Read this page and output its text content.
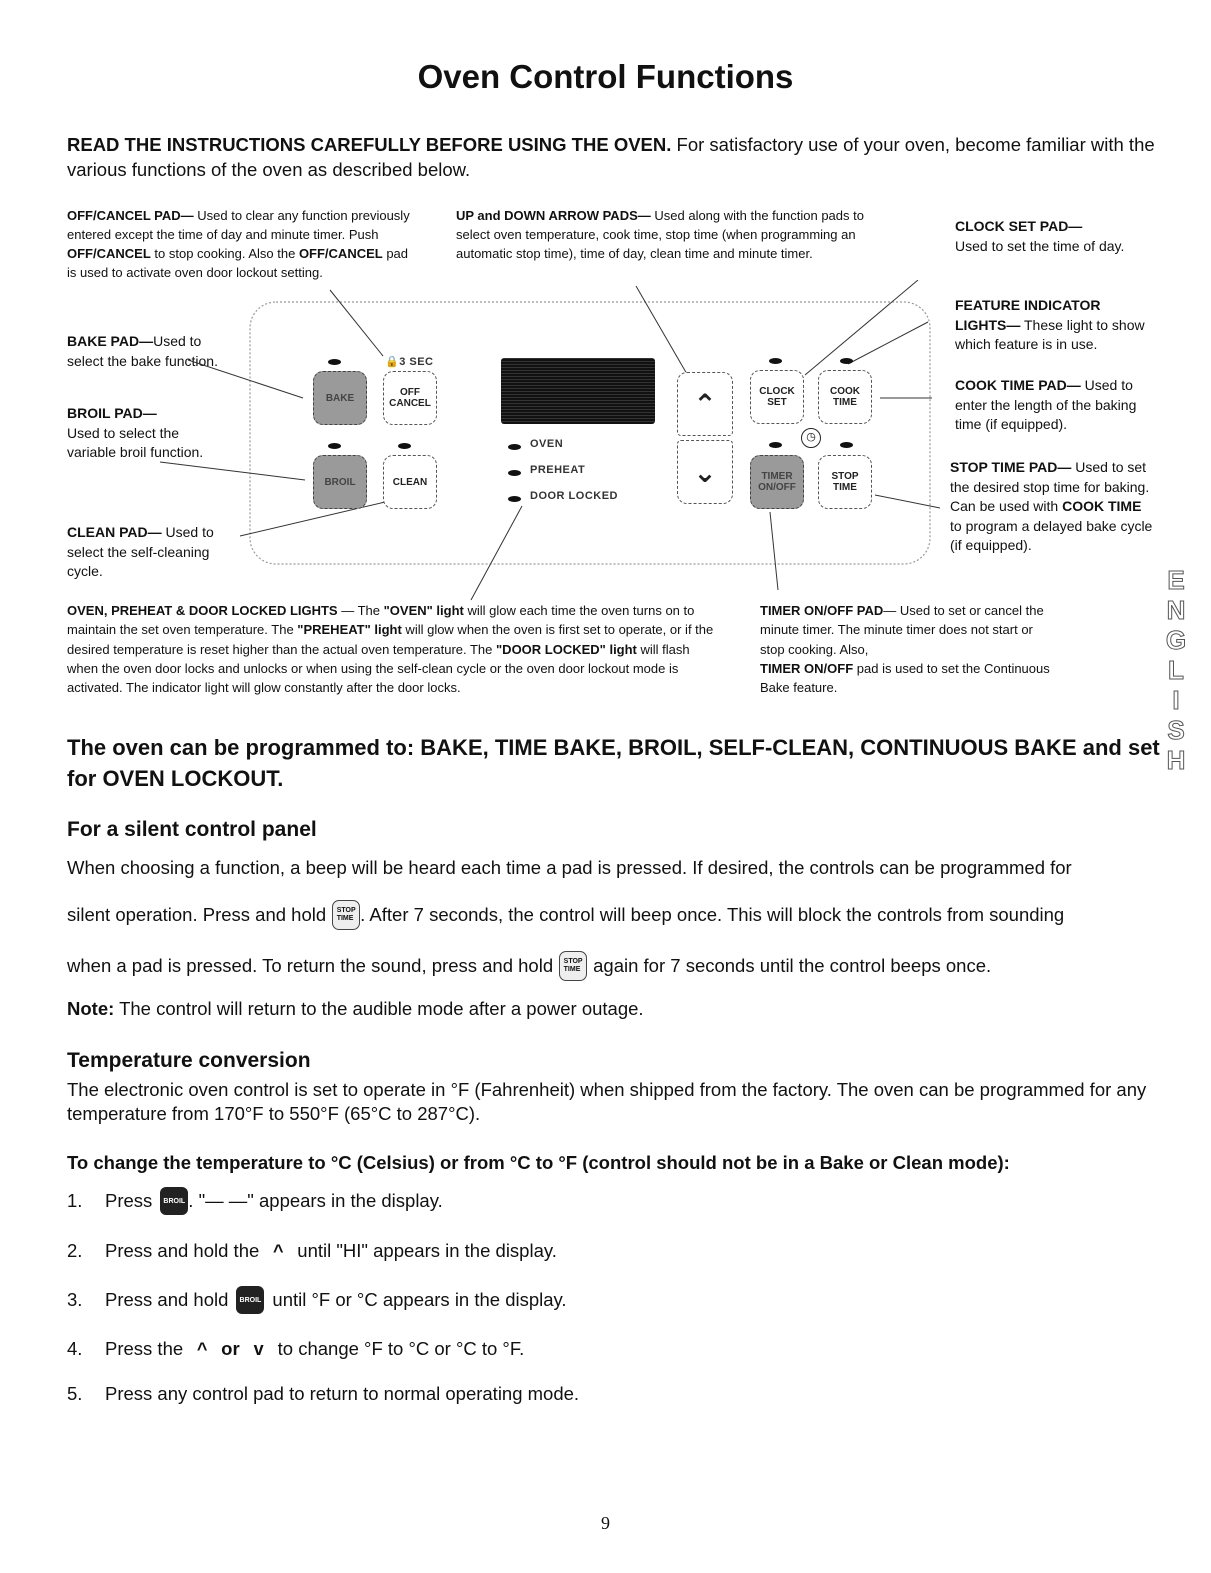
Oven Control Functions
READ THE INSTRUCTIONS CAREFULLY BEFORE USING THE OVEN. For satisfactory use of your oven, become familiar with the various functions of the oven as described below.
OFF/CANCEL PAD— Used to clear any function previously entered except the time of day and minute timer. Push OFF/CANCEL to stop cooking. Also the OFF/CANCEL pad is used to activate oven door lockout setting.
UP and DOWN ARROW PADS— Used along with the function pads to select oven temperature, cook time, stop time (when programming an automatic stop time), time of day, clean time and minute timer.
CLOCK SET PAD—
Used to set the time of day.
FEATURE INDICATOR LIGHTS— These light to show which feature is in use.
COOK TIME PAD— Used to enter the length of the baking time (if equipped).
STOP TIME PAD— Used to set the desired stop time for baking. Can be used with COOK TIME to program a delayed bake cycle (if equipped).
BAKE PAD—Used to select the bake function.
BROIL PAD—
Used to select the variable broil function.
CLEAN PAD— Used to select the self-cleaning cycle.
🔒3 SEC
BAKE	OFF
CANCEL
BROIL	CLEAN
OVEN
PREHEAT
DOOR LOCKED
⌃
⌄
CLOCK
SET
COOK
TIME
◷
TIMER
ON/OFF
STOP
TIME
OVEN, PREHEAT & DOOR LOCKED LIGHTS — The "OVEN" light will glow each time the oven turns on to maintain the set oven temperature. The "PREHEAT" light will glow when the oven is first set to operate, or if the desired temperature is reset higher than the actual oven temperature. The "DOOR LOCKED" light will flash when the oven door locks and unlocks or when using the self-clean cycle or the oven door lockout mode is activated. The indicator light will glow constantly after the door locks.
TIMER ON/OFF PAD— Used to set or cancel the minute timer. The minute timer does not start or stop cooking. Also,
TIMER ON/OFF pad is used to set the Continuous Bake feature.
E
N
G
L
I
S
H
The oven can be programmed to: BAKE, TIME BAKE, BROIL, SELF-CLEAN, CONTINUOUS BAKE and set for OVEN LOCKOUT.
For a silent control panel
When choosing a function, a beep will be heard each time a pad is pressed. If desired, the controls can be programmed for
silent operation. Press and hold	STOP
TIME . After 7 seconds, the control will beep once. This will block the controls from sounding
when a pad is pressed. To return the sound, press and hold	STOP
TIME again for 7 seconds until the control beeps once.
Note: The control will return to the audible mode after a power outage.
Temperature conversion
The electronic oven control is set to operate in °F (Fahrenheit) when shipped from the factory. The oven can be programmed for any temperature from 170°F to 550°F (65°C to 287°C).
To change the temperature to °C (Celsius) or from °C to °F (control should not be in a Bake or Clean mode):
1.	Press	BROIL . "— —" appears in the display.
2.	Press and hold the ^ until "HI" appears in the display.
3.	Press and hold	BROIL until °F or °C appears in the display.
4.	Press the ^ or v to change °F to °C or °C to °F.
5.	Press any control pad to return to normal operating mode.
9
